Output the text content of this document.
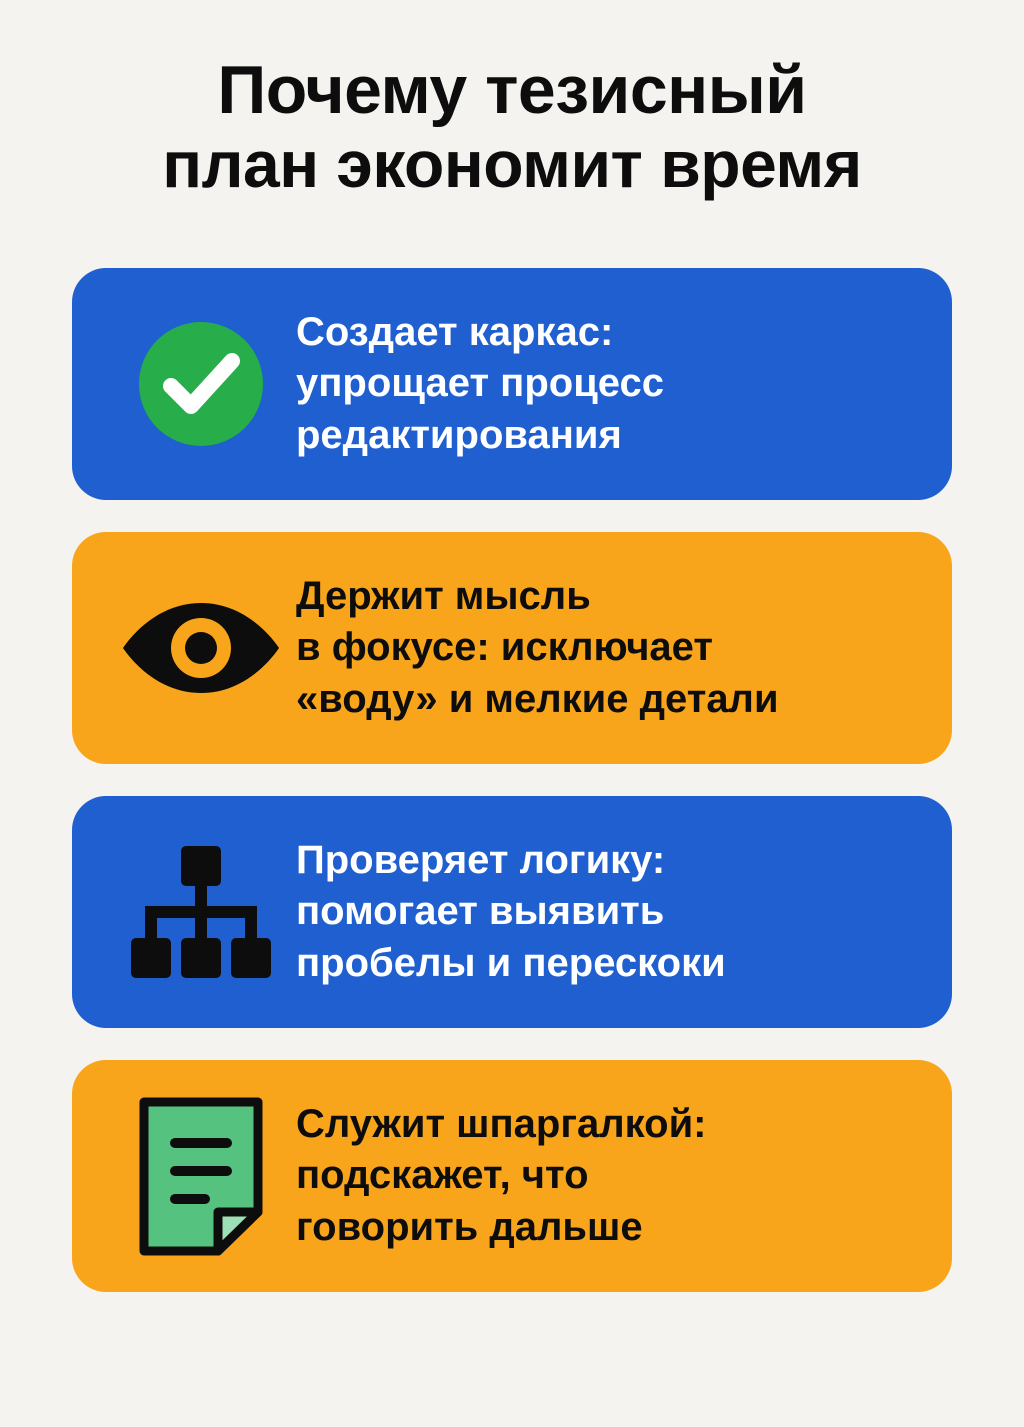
Почему тезисный
план экономит время
Создает каркас:
упрощает процесс
редактирования
Держит мысль
в фокусе: исключает
«воду» и мелкие детали
Проверяет логику:
помогает выявить
пробелы и перескоки
Служит шпаргалкой:
подскажет, что
говорить дальше
